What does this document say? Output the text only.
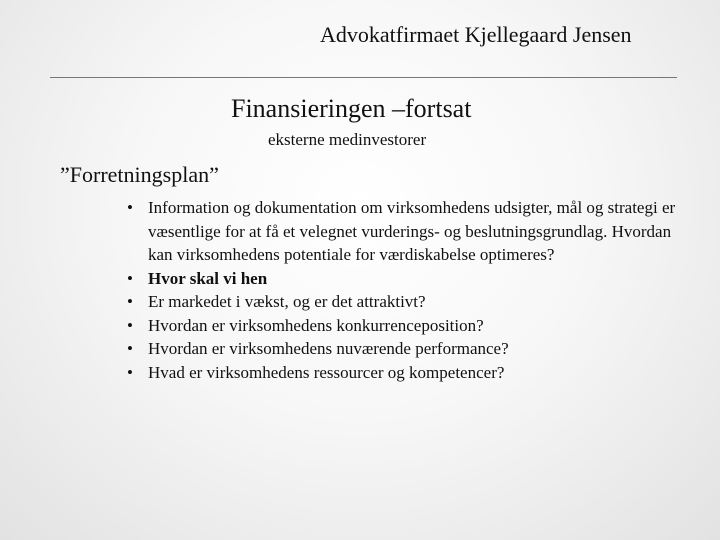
Advokatfirmaet Kjellegaard Jensen
Finansieringen –fortsat
eksterne medinvestorer
”Forretningsplan”
• Information og dokumentation om virksomhedens udsigter, mål og strategi er væsentlige for at få et velegnet vurderings- og beslutningsgrundlag. Hvordan kan virksomhedens potentiale for værdiskabelse optimeres?
• Hvor skal vi hen
• Er markedet i vækst, og er det attraktivt?
• Hvordan er virksomhedens konkurrenceposition?
• Hvordan er virksomhedens nuværende performance?
• Hvad er virksomhedens ressourcer og kompetencer?
